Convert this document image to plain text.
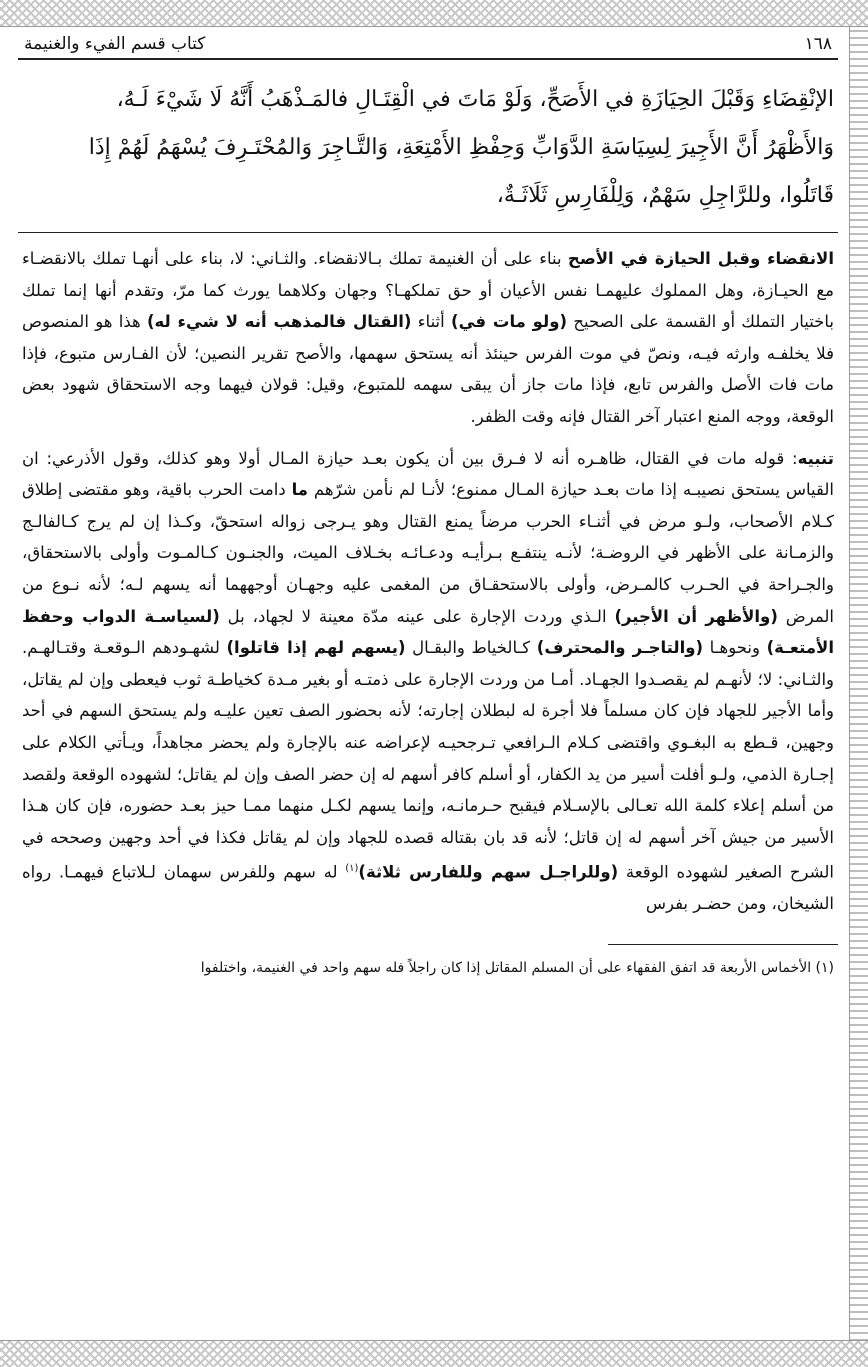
١٦٨
كتاب قسم الفيء والغنيمة
الإنْقِضَاءِ وَقَبْلَ الحِيَازَةِ في الأَصَحِّ، وَلَوْ مَاتَ في الْقِتَـالِ فالمَـذْهَبُ أَنَّهُ لَا شَيْءَ لَـهُ،
وَالأَظْهَرُ أَنَّ الأَجِيرَ لِسِيَاسَةِ الدَّوَابِّ وَحِفْظِ الأَمْتِعَةِ، وَالتَّـاجِرَ وَالمُحْتَـرِفَ يُسْهَمُ لَهُمْ إِذَا
قَاتَلُوا، وللرَّاجِلِ سَهْمٌ، وَلِلْفَارِسِ ثَلَاثَـةٌ،

الانقضاء وقبل الحيازة في الأصح بناء على أن الغنيمة تملك بـالانقضاء. والثـاني: لا، بناء على أنهـا تملك بالانقضـاء مع الحيـازة، وهل المملوك عليهمـا نفس الأعيان أو حق تملكهـا؟ وجهان وكلاهما يورث كما مرّ، وتقدم أنها إنما تملك باختيار التملك أو القسمة على الصحيح (ولو مات في) أثناء (القتال فالمذهب أنه لا شيء له) هذا هو المنصوص فلا يخلفـه وارثه فيـه، ونصّ في موت الفرس حينئذ أنه يستحق سهمها، والأصح تقرير النصين؛ لأن الفـارس متبوع، فإذا مات فات الأصل والفرس تابع، فإذا مات جاز أن يبقى سهمه للمتبوع، وقيل: قولان فيهما وجه الاستحقاق شهود بعض الوقعة، ووجه المنع اعتبار آخر القتال فإنه وقت الظفر.

تنبيه: قوله مات في القتال، ظاهـره أنه لا فـرق بين أن يكون بعـد حيازة المـال أولا وهو كذلك، وقول الأذرعي: ان القياس يستحق نصيبـه إذا مات بعـد حيازة المـال ممنوع؛ لأنـا لم نأمن شرّهم ما دامت الحرب باقية، وهو مقتضى إطلاق كـلام الأصحاب، ولـو مرض في أثنـاء الحرب مرضاً يمنع القتال وهو يـرجى زواله استحقّ، وكـذا إن لم يرج كـالفالـج والزمـانة على الأظهر في الروضـة؛ لأنـه ينتفـع بـرأيـه ودعـائـه بخـلاف الميت، والجنـون كـالمـوت وأولى بالاستحقاق، والجـراحة في الحـرب كالمـرض، وأولى بالاستحقـاق من المغمى عليه وجهـان أوجههما أنه يسهم لـه؛ لأنه نـوع من المرض (والأظهر أن الأجير) الـذي وردت الإجارة على عينه مدّة معينة لا لجهاد، بل (لسياسـة الدواب وحفظ الأمتعـة) ونحوهـا (والتاجـر والمحترف) كـالخياط والبقـال (يسهم لهم إذا قاتلوا) لشهـودهم الـوقعـة وقتـالهـم. والثـاني: لا؛ لأنهـم لم يقصـدوا الجهـاد. أمـا من وردت الإجارة على ذمتـه أو بغير مـدة كخياطـة ثوب فيعطى وإن لم يقاتل، وأما الأجير للجهاد فإن كان مسلماً فلا أجرة له لبطلان إجارته؛ لأنه بحضور الصف تعين عليـه ولم يستحق السهم في أحد وجهين، قـطع به البغـوي واقتضى كـلام الـرافعي تـرجحيـه لإعراضه عنه بالإجارة ولم يحضر مجاهداً، ويـأتي الكلام على إجـارة الذمي، ولـو أفلت أسير من يد الكفار، أو أسلم كافر أسهم له إن حضر الصف وإن لم يقاتل؛ لشهوده الوقعة ولقصد من أسلم إعلاء كلمة الله تعـالى بالإسـلام فيقبح حـرمانـه، وإنما يسهم لكـل منهما ممـا حيز بعـد حضوره، فإن كان هـذا الأسير من جيش آخر أسهم له إن قاتل؛ لأنه قد بان بقتاله قصده للجهاد وإن لم يقاتل فكذا في أحد وجهين وصححه في الشرح الصغير لشهوده الوقعة (وللراجـل سهم وللفارس ثلاثة)$^{(١)}$ له سهم وللفرس سهمان لـلاتباع فيهمـا. رواه الشيخان، ومن حضـر بفرس

(١) الأخماس الأربعة قد اتفق الفقهاء على أن المسلم المقاتل إذا كان راجلاً فله سهم واحد في الغنيمة، واختلفوا
